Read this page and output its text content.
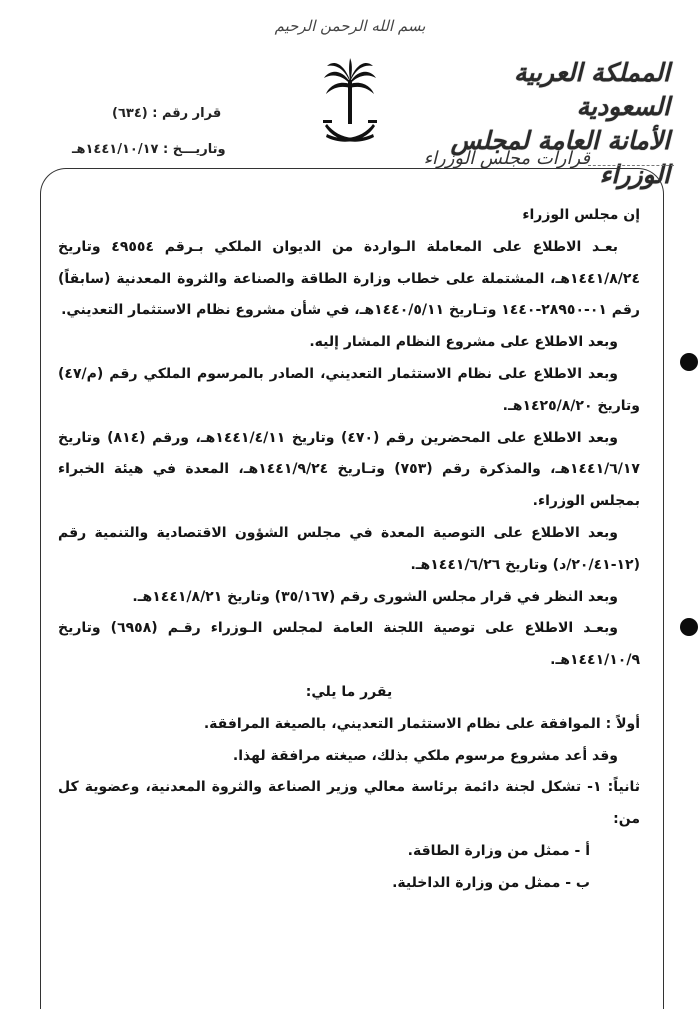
بسم الله الرحمن الرحيم
المملكة العربية السعودية
الأمانة العامة لمجلس الوزراء
قرارات مجلس الوزراء
قرار رقم : (٦٣٤)
وتاريـــخ : ١٤٤١/١٠/١٧هـ

إن مجلس الوزراء

بعـد الاطلاع على المعاملة الـواردة من الديوان الملكي بـرقم ٤٩٥٥٤ وتاريخ ١٤٤١/٨/٢٤هـ، المشتملة على خطاب وزارة الطاقة والصناعة والثروة المعدنية (سابقاً) رقم ٠١-٢٨٩٥٠-١٤٤٠ وتـاريخ ١٤٤٠/٥/١١هـ، في شأن مشروع نظام الاستثمار التعديني.

وبعد الاطلاع على مشروع النظام المشار إليه.

وبعد الاطلاع على نظام الاستثمار التعديني، الصادر بالمرسوم الملكي رقم (م/٤٧) وتاريخ ١٤٢٥/٨/٢٠هـ.

وبعد الاطلاع على المحضرين رقم (٤٧٠) وتاريخ ١٤٤١/٤/١١هـ، ورقم (٨١٤) وتاريخ ١٤٤١/٦/١٧هـ، والمذكرة رقم (٧٥٣) وتـاريخ ١٤٤١/٩/٢٤هـ، المعدة في هيئة الخبراء بمجلس الوزراء.

وبعد الاطلاع على التوصية المعدة في مجلس الشؤون الاقتصادية والتنمية رقم (١٢-٢٠/٤١/د) وتاريخ ١٤٤١/٦/٢٦هـ.

وبعد النظر في قرار مجلس الشورى رقم (٣٥/١٦٧) وتاريخ ١٤٤١/٨/٢١هـ.

وبعـد الاطلاع على توصية اللجنة العامة لمجلس الـوزراء رقـم (٦٩٥٨) وتاريخ ١٤٤١/١٠/٩هـ.

يقرر ما يلي:

أولاً : الموافقة على نظام الاستثمار التعديني، بالصيغة المرافقة.

وقد أعد مشروع مرسوم ملكي بذلك، صيغته مرافقة لهذا.

ثانياً: ١- تشكل لجنة دائمة برئاسة معالي وزير الصناعة والثروة المعدنية، وعضوية كل من:

أ - ممثل من وزارة الطاقة.

ب - ممثل من وزارة الداخلية.
